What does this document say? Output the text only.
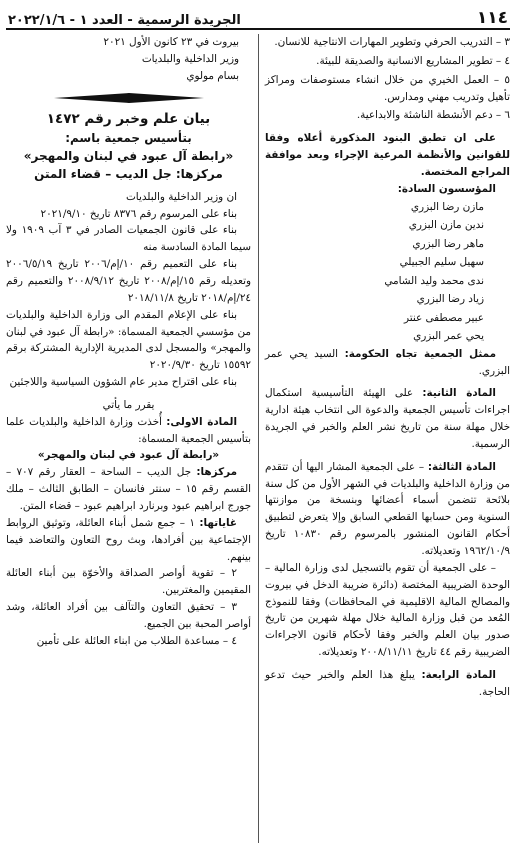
١١٤
الجريدة الرسمية - العدد ١ - ٢٠٢٢/١/٦

٣ – التدريب الحرفي وتطوير المهارات الانتاجية للانسان.

٤ – تطوير المشاريع الانسانية والصديقة للبيئة.

٥ – العمل الخيري من خلال انشاء مستوصفات ومراكز تأهيل وتدريب مهني ومدارس.

٦ – دعم الأنشطة الناشئة والابداعية.

على ان تطبق البنود المذكورة أعلاه وفقا للقوانين والأنظمة المرعية الإجراء وبعد موافقة المراجع المختصة.

المؤسسون السادة:

مازن رضا البزري
ندين مازن البزري
ماهر رضا البزري
سهيل سليم الجبيلي
ندى محمد وليد الشامي
زياد رضا البزري
عبير مصطفى عنتر
يحي عمر البزري

ممثل الجمعية تجاه الحكومة: السيد يحي عمر البزري.

المادة الثانية: على الهيئة التأسيسية استكمال اجراءات تأسيس الجمعية والدعوة الى انتخاب هيئة ادارية خلال مهلة سنة من تاريخ نشر العلم والخبر في الجريدة الرسمية.

المادة الثالثة: – على الجمعية المشار اليها أن تتقدم من وزارة الداخلية والبلديات في الشهر الأول من كل سنة بلائحة تتضمن أسماء أعضائها وبنسخة من موازنتها السنوية ومن حسابها القطعي السابق وإلا يتعرض لتطبيق أحكام القانون المنشور بالمرسوم رقم ١٠٨٣٠ تاريخ ١٩٦٢/١٠/٩ وتعديلاته.

– على الجمعية أن تقوم بالتسجيل لدى وزارة المالية – الوحدة الضريبية المختصة (دائرة ضريبة الدخل في بيروت والمصالح المالية الاقليمية في المحافظات) وفقا للنموذج المُعد من قبل وزارة المالية خلال مهلة شهرين من تاريخ صدور بيان العلم والخبر وفقا لأحكام قانون الاجراءات الضريبية رقم ٤٤ تاريخ ٢٠٠٨/١١/١١ وتعديلاته.

المادة الرابعة: يبلغ هذا العلم والخبر حيث تدعو الحاجة.

بيروت في ٢٣ كانون الأول ٢٠٢١

وزير الداخلية والبلديات

بسام مولوي

بيان علم وخبر رقم ١٤٧٢

بتأسيس جمعية باسم:

«رابطة آل عبود في لبنان والمهجر»

مركزها: جل الديب – قضاء المتن

ان وزير الداخلية والبلديات

بناء على المرسوم رقم ٨٣٧٦ تاريخ ٢٠٢١/٩/١٠

بناء على قانون الجمعيات الصادر في ٣ آب ١٩٠٩ ولا سيما المادة السادسة منه

بناء على التعميم رقم ١٠/إم/٢٠٠٦ تاريخ ٢٠٠٦/٥/١٩ وتعديله رقم ١٥/إم/٢٠٠٨ تاريخ ٢٠٠٨/٩/١٢ والتعميم رقم ٢٤/إم/٢٠١٨ تاريخ ٢٠١٨/١١/٨

بناء على الإعلام المقدم الى وزارة الداخلية والبلديات من مؤسسي الجمعية المسماة: «رابطة آل عبود في لبنان والمهجر» والمسجل لدى المديرية الإدارية المشتركة برقم ١٥٥٩٢ تاريخ ٢٠٢٠/٩/٣٠

بناء على اقتراح مدير عام الشؤون السياسية واللاجئين

يقرر ما يأتي

المادة الاولى: أُخذت وزارة الداخلية والبلديات علما بتأسيس الجمعية المسماة:

«رابطة آل عبود في لبنان والمهجر»

مركزها: جل الديب – الساحة – العقار رقم ٧٠٧ – القسم رقم ١٥ – سنتر فانسان – الطابق الثالث – ملك جورج ابراهيم عبود وبرنارد ابراهيم عبود – قضاء المتن.

غاياتها: ١ – جمع شمل أبناء العائلة، وتوثيق الروابط الإجتماعية بين أفرادها، وبث روح التعاون والتعاضد فيما بينهم.

٢ – تقوية أواصر الصداقة والأخوّة بين أبناء العائلة المقيمين والمغتربين.

٣ – تحقيق التعاون والتآلف بين أفراد العائلة، وشد أواصر المحبة بين الجميع.

٤ – مساعدة الطلاب من ابناء العائلة على تأمين
